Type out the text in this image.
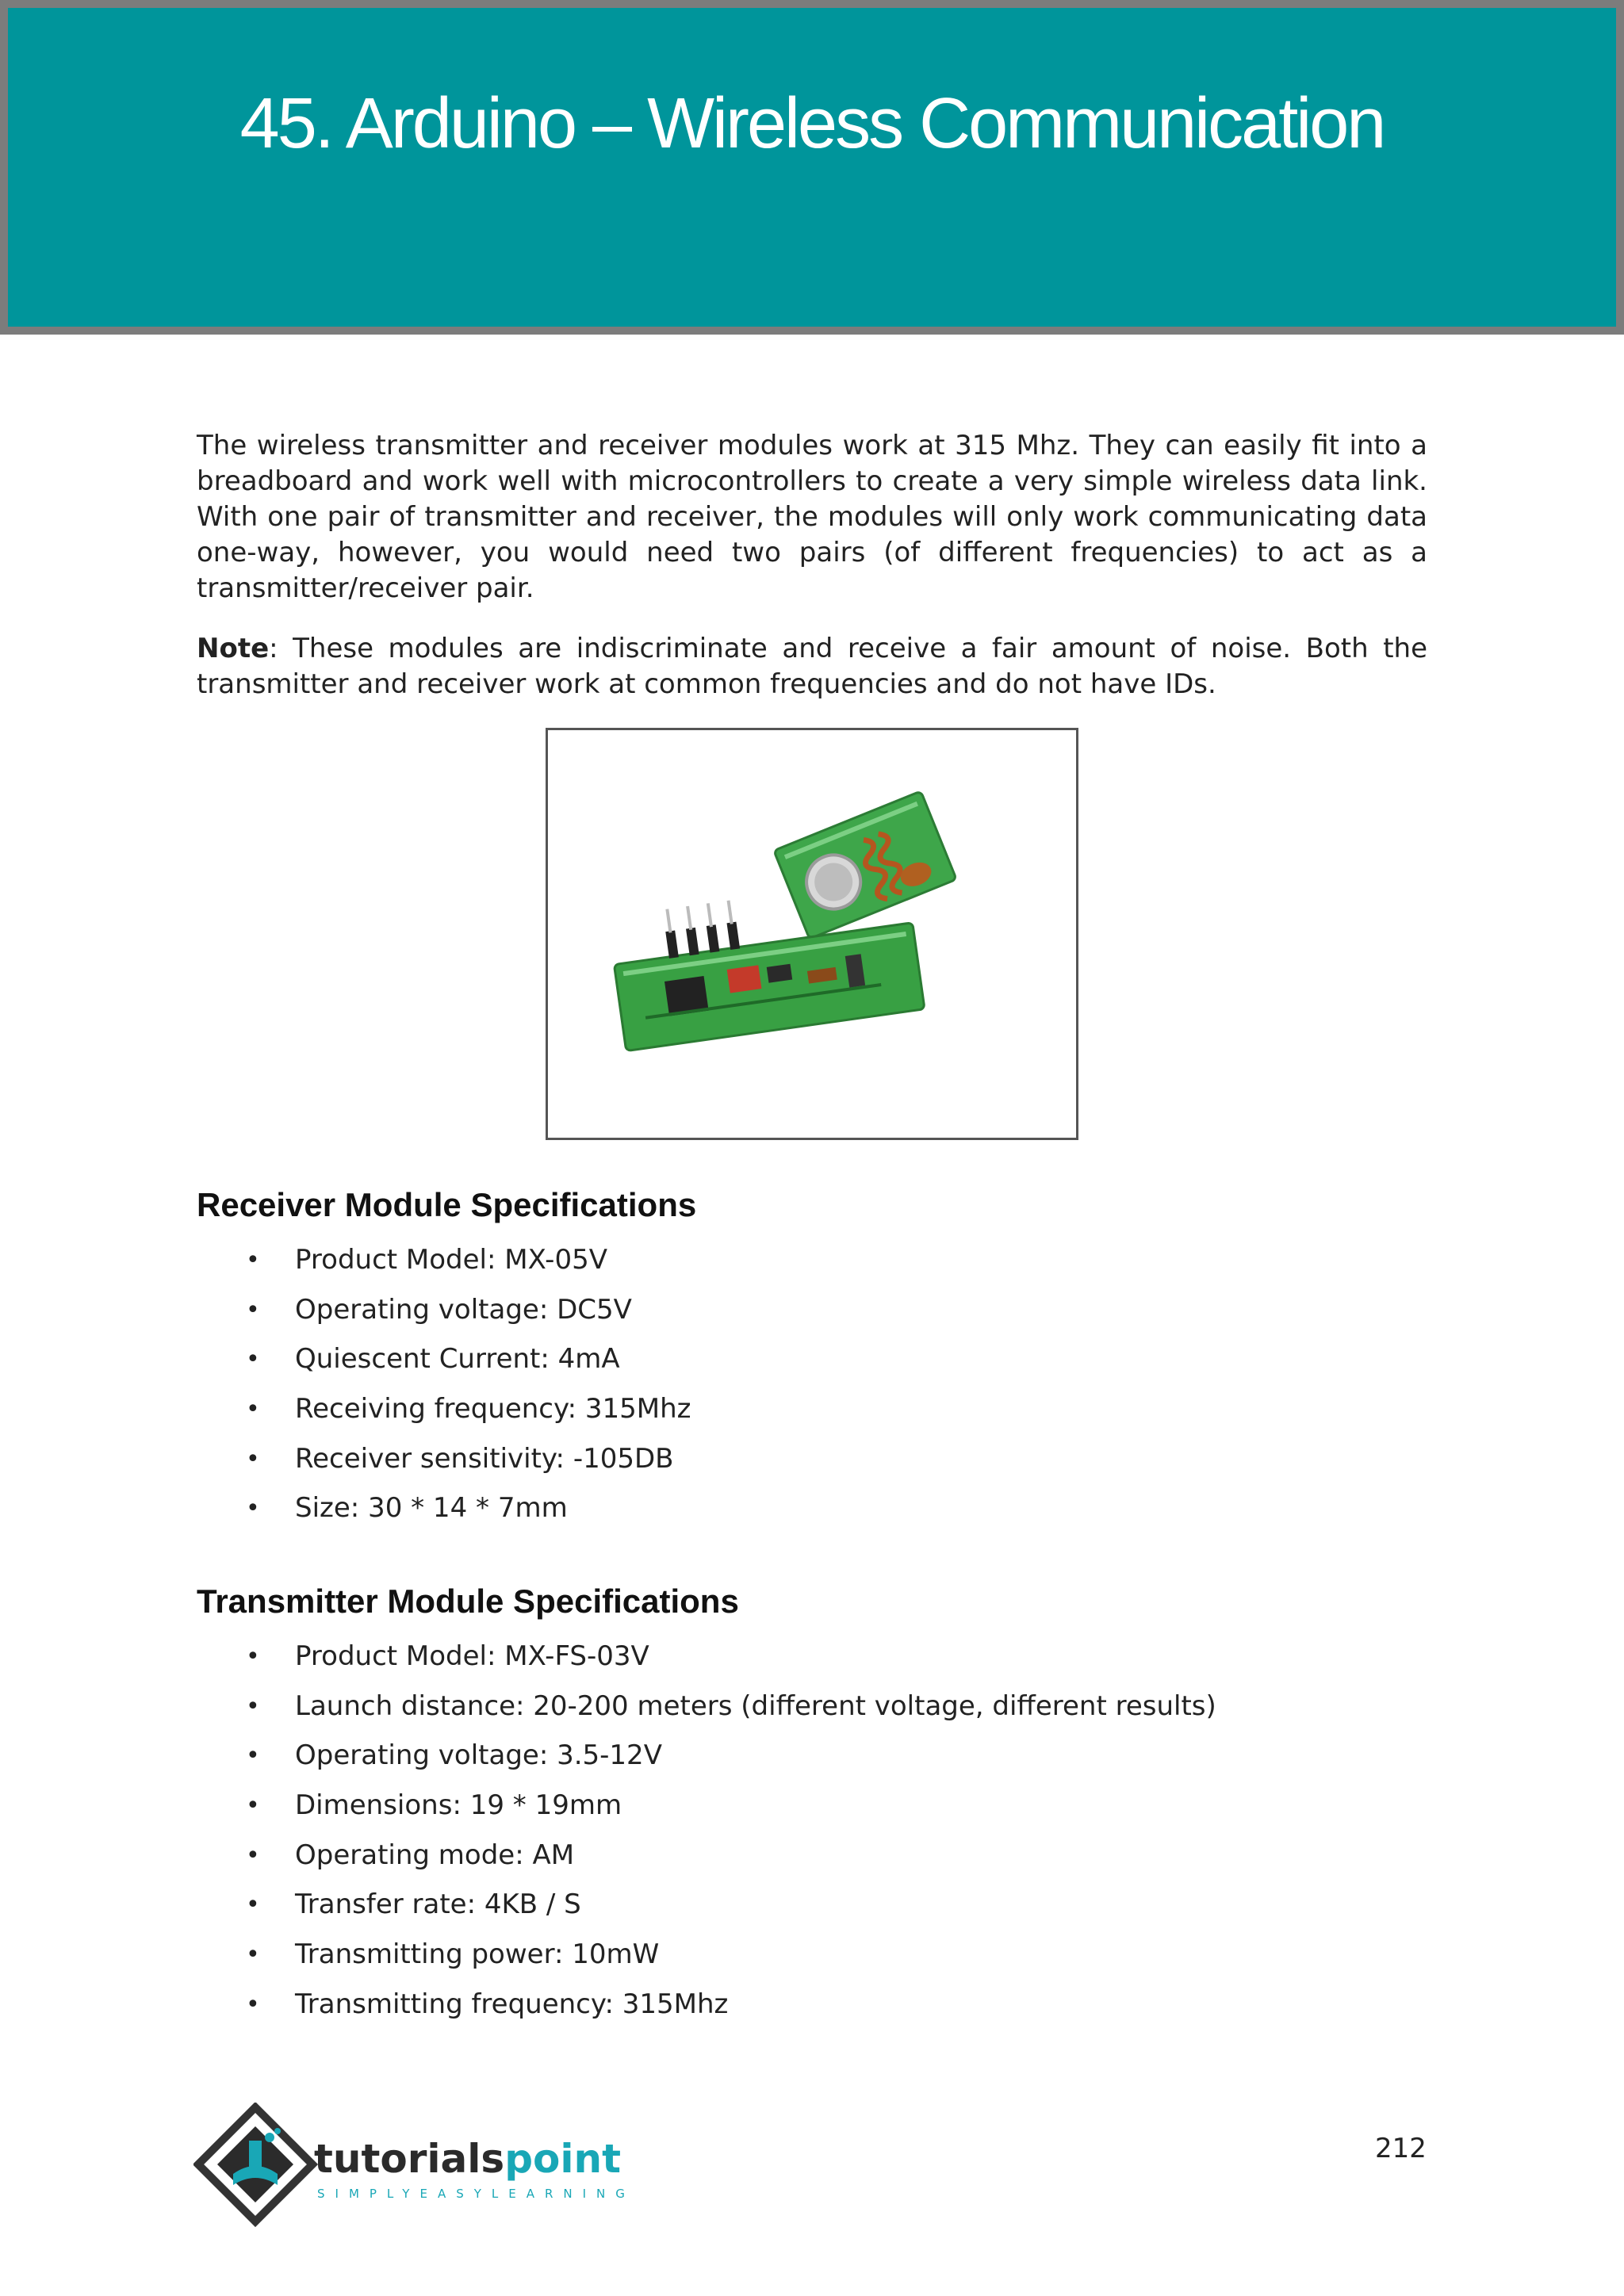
45. Arduino – Wireless Communication

The wireless transmitter and receiver modules work at 315 Mhz. They can easily fit into a breadboard and work well with microcontrollers to create a very simple wireless data link. With one pair of transmitter and receiver, the modules will only work communicating data one-way, however, you would need two pairs (of different frequencies) to act as a transmitter/receiver pair.

Note: These modules are indiscriminate and receive a fair amount of noise. Both the transmitter and receiver work at common frequencies and do not have IDs.

Receiver Module Specifications
• Product Model: MX-05V
• Operating voltage: DC5V
• Quiescent Current: 4mA
• Receiving frequency: 315Mhz
• Receiver sensitivity: -105DB
• Size: 30 * 14 * 7mm
Transmitter Module Specifications
• Product Model: MX-FS-03V
• Launch distance: 20-200 meters (different voltage, different results)
• Operating voltage: 3.5-12V
• Dimensions: 19 * 19mm
• Operating mode: AM
• Transfer rate: 4KB / S
• Transmitting power: 10mW
• Transmitting frequency: 315Mhz
tutorialspoint
SIMPLYEASYLEARNING
212
